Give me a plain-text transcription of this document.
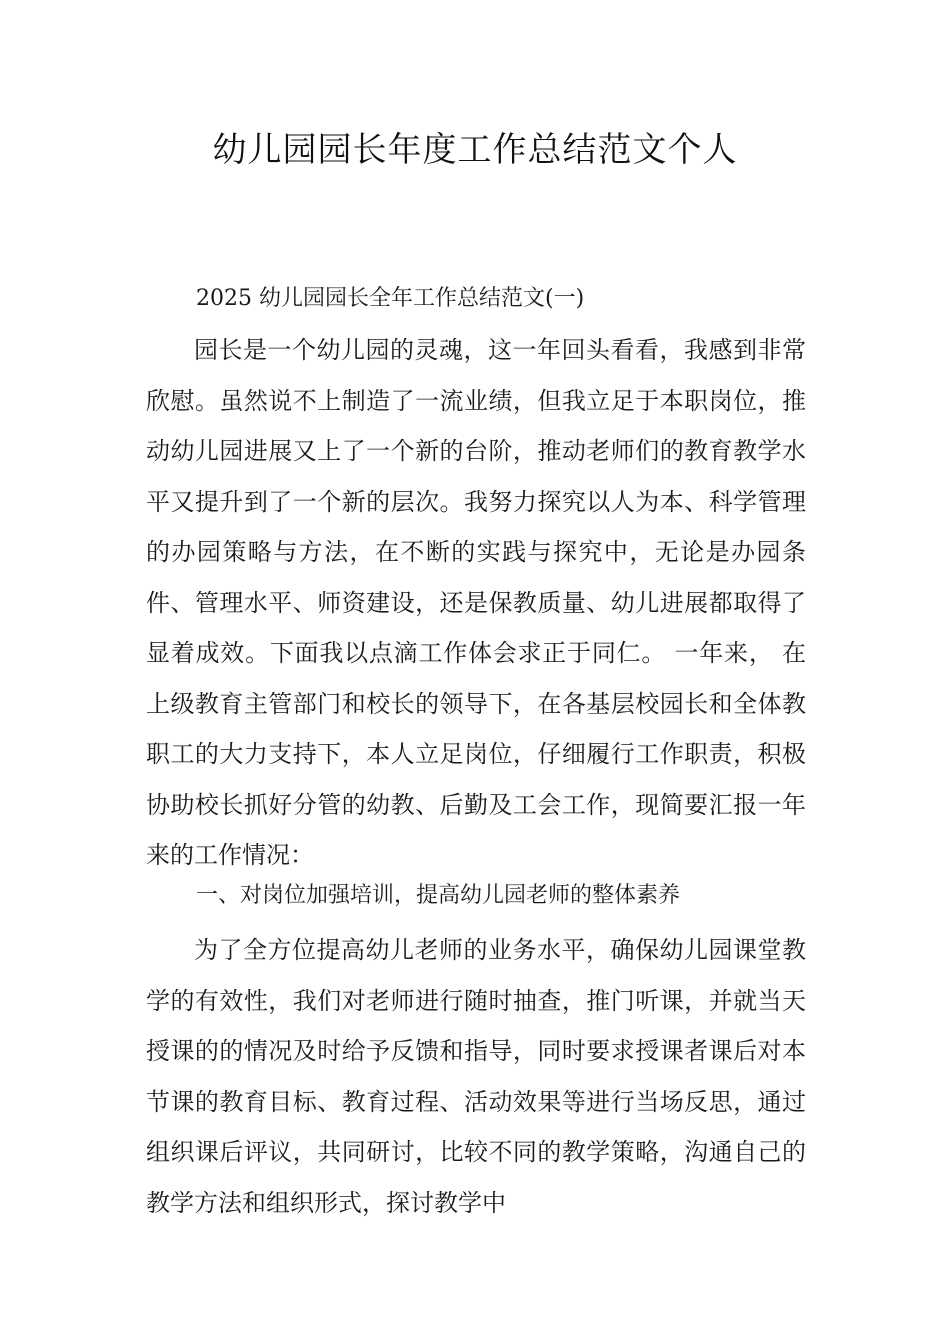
幼儿园园长年度工作总结范文个人

2025 幼儿园园长全年工作总结范文(一)

园长是一个幼儿园的灵魂，这一年回头看看，我感到非常欣慰。虽然说不上制造了一流业绩，但我立足于本职岗位，推动幼儿园进展又上了一个新的台阶，推动老师们的教育教学水平又提升到了一个新的层次。我努力探究以人为本、科学管理的办园策略与方法，在不断的实践与探究中，无论是办园条件、管理水平、师资建设，还是保教质量、幼儿进展都取得了显着成效。下面我以点滴工作体会求正于同仁。 一年来， 在上级教育主管部门和校长的领导下，在各基层校园长和全体教职工的大力支持下，本人立足岗位，仔细履行工作职责，积极协助校长抓好分管的幼教、后勤及工会工作，现简要汇报一年来的工作情况：

一、对岗位加强培训，提高幼儿园老师的整体素养

为了全方位提高幼儿老师的业务水平，确保幼儿园课堂教学的有效性，我们对老师进行随时抽查，推门听课，并就当天授课的的情况及时给予反馈和指导，同时要求授课者课后对本节课的教育目标、教育过程、活动效果等进行当场反思，通过组织课后评议，共同研讨，比较不同的教学策略，沟通自己的教学方法和组织形式，探讨教学中
